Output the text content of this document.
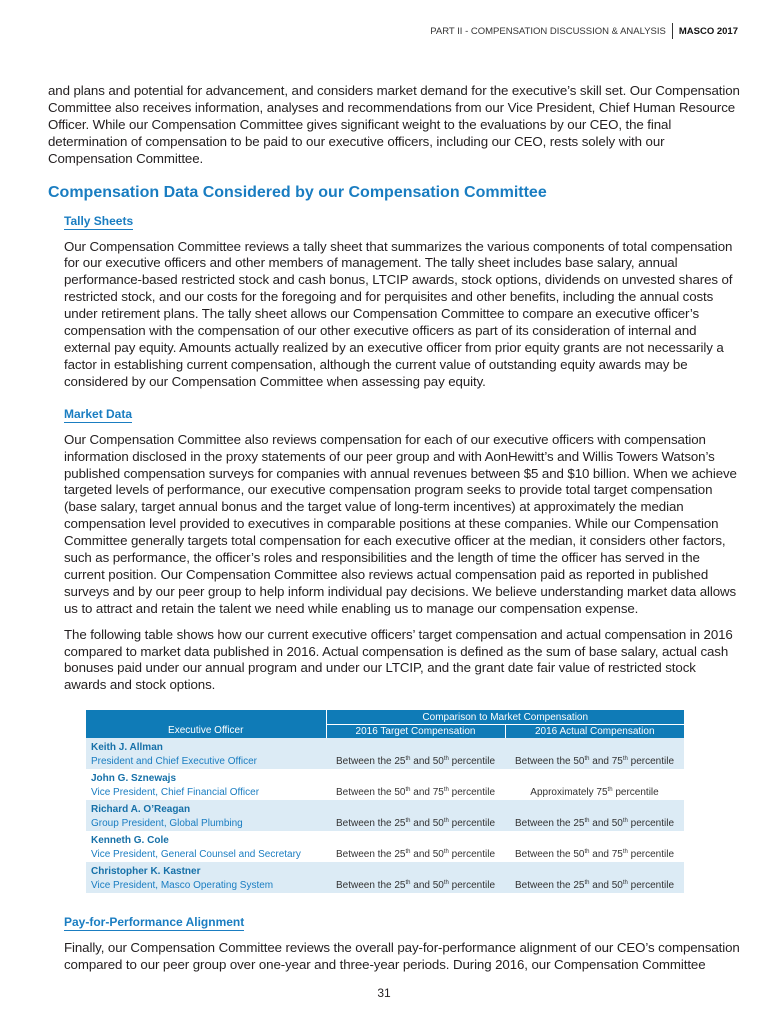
PART II - COMPENSATION DISCUSSION & ANALYSIS MASCO 2017

and plans and potential for advancement, and considers market demand for the executive’s skill set. Our Compensation Committee also receives information, analyses and recommendations from our Vice President, Chief Human Resource Officer. While our Compensation Committee gives significant weight to the evaluations by our CEO, the final determination of compensation to be paid to our executive officers, including our CEO, rests solely with our Compensation Committee.

Compensation Data Considered by our Compensation Committee
Tally Sheets

Our Compensation Committee reviews a tally sheet that summarizes the various components of total compensation for our executive officers and other members of management. The tally sheet includes base salary, annual performance-based restricted stock and cash bonus, LTCIP awards, stock options, dividends on unvested shares of restricted stock, and our costs for the foregoing and for perquisites and other benefits, including the annual costs under retirement plans. The tally sheet allows our Compensation Committee to compare an executive officer’s compensation with the compensation of our other executive officers as part of its consideration of internal and external pay equity. Amounts actually realized by an executive officer from prior equity grants are not necessarily a factor in establishing current compensation, although the current value of outstanding equity awards may be considered by our Compensation Committee when assessing pay equity.

Market Data

Our Compensation Committee also reviews compensation for each of our executive officers with compensation information disclosed in the proxy statements of our peer group and with AonHewitt’s and Willis Towers Watson’s published compensation surveys for companies with annual revenues between $5 and $10 billion. When we achieve targeted levels of performance, our executive compensation program seeks to provide total target compensation (base salary, target annual bonus and the target value of long-term incentives) at approximately the median compensation level provided to executives in comparable positions at these companies. While our Compensation Committee generally targets total compensation for each executive officer at the median, it considers other factors, such as performance, the officer’s roles and responsibilities and the length of time the officer has served in the current position. Our Compensation Committee also reviews actual compensation paid as reported in published surveys and by our peer group to help inform individual pay decisions. We believe understanding market data allows us to attract and retain the talent we need while enabling us to manage our compensation expense.

The following table shows how our current executive officers’ target compensation and actual compensation in 2016 compared to market data published in 2016. Actual compensation is defined as the sum of base salary, actual cash bonuses paid under our annual program and under our LTCIP, and the grant date fair value of restricted stock awards and stock options.

Executive Officer	Comparison to Market Compensation	
	2016 Target Compensation	2016 Actual Compensation

Keith J. Allman
President and Chief Executive Officer	Between the 25th and 50th percentile	Between the 50th and 75th percentile

John G. Sznewajs
Vice President, Chief Financial Officer	Between the 50th and 75th percentile	Approximately 75th percentile

Richard A. O’Reagan
Group President, Global Plumbing	Between the 25th and 50th percentile	Between the 25th and 50th percentile

Kenneth G. Cole
Vice President, General Counsel and Secretary	Between the 25th and 50th percentile	Between the 50th and 75th percentile

Christopher K. Kastner
Vice President, Masco Operating System	Between the 25th and 50th percentile	Between the 25th and 50th percentile
Pay-for-Performance Alignment

Finally, our Compensation Committee reviews the overall pay-for-performance alignment of our CEO’s compensation compared to our peer group over one-year and three-year periods. During 2016, our Compensation Committee

31
